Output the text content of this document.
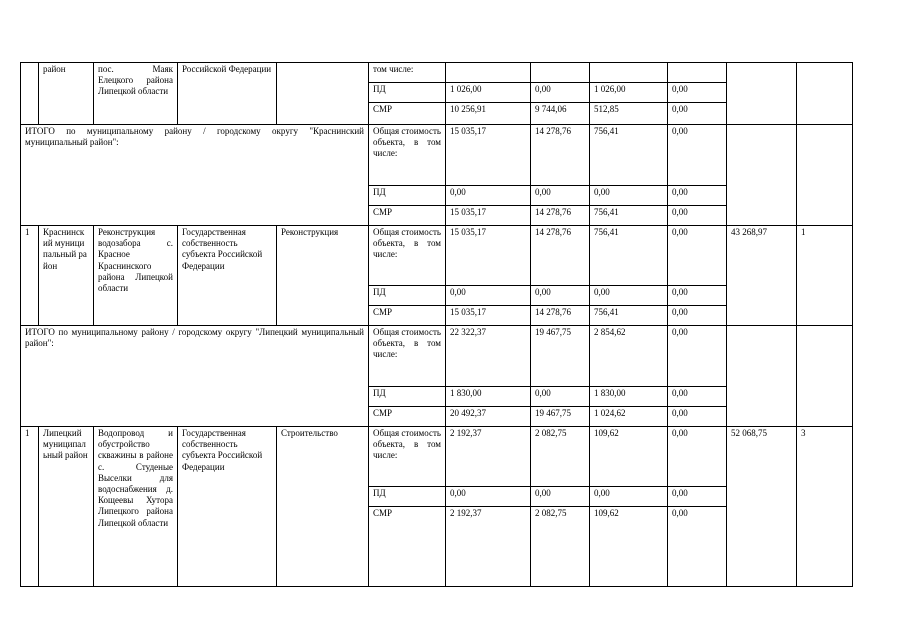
	район	пос. Маяк Елецкого района Липецкой области	Российской Федерации		том числе:						
					ПД	1 026,00	0,00	1 026,00	0,00		
					СМР	10 256,91	9 744,06	512,85	0,00		
ИТОГО по муниципальному району / городскому округу "Краснинский муниципальный район":					Общая стоимость объекта, в том числе:	15 035,17	14 278,76	756,41	0,00		
					ПД	0,00	0,00	0,00	0,00		
					СМР	15 035,17	14 278,76	756,41	0,00		
1	Краснинский муниципальный район	Реконструкция водозабора с. Красное Краснинского района Липецкой области	Государственная собственность субъекта Российской Федерации	Реконструкция	Общая стоимость объекта, в том числе:	15 035,17	14 278,76	756,41	0,00	43 268,97	1
					ПД	0,00	0,00	0,00	0,00		
					СМР	15 035,17	14 278,76	756,41	0,00		
ИТОГО по муниципальному району / городскому округу "Липецкий муниципальный район":					Общая стоимость объекта, в том числе:	22 322,37	19 467,75	2 854,62	0,00		
					ПД	1 830,00	0,00	1 830,00	0,00		
					СМР	20 492,37	19 467,75	1 024,62	0,00		
1	Липецкий муниципальный район	Водопровод и обустройство скважины в районе с. Студеные Выселки для водоснабжения д. Кощеевы Хутора Липецкого района Липецкой области	Государственная собственность субъекта Российской Федерации	Строительство	Общая стоимость объекта, в том числе:	2 192,37	2 082,75	109,62	0,00	52 068,75	3
					ПД	0,00	0,00	0,00	0,00		
					СМР	2 192,37	2 082,75	109,62	0,00		
